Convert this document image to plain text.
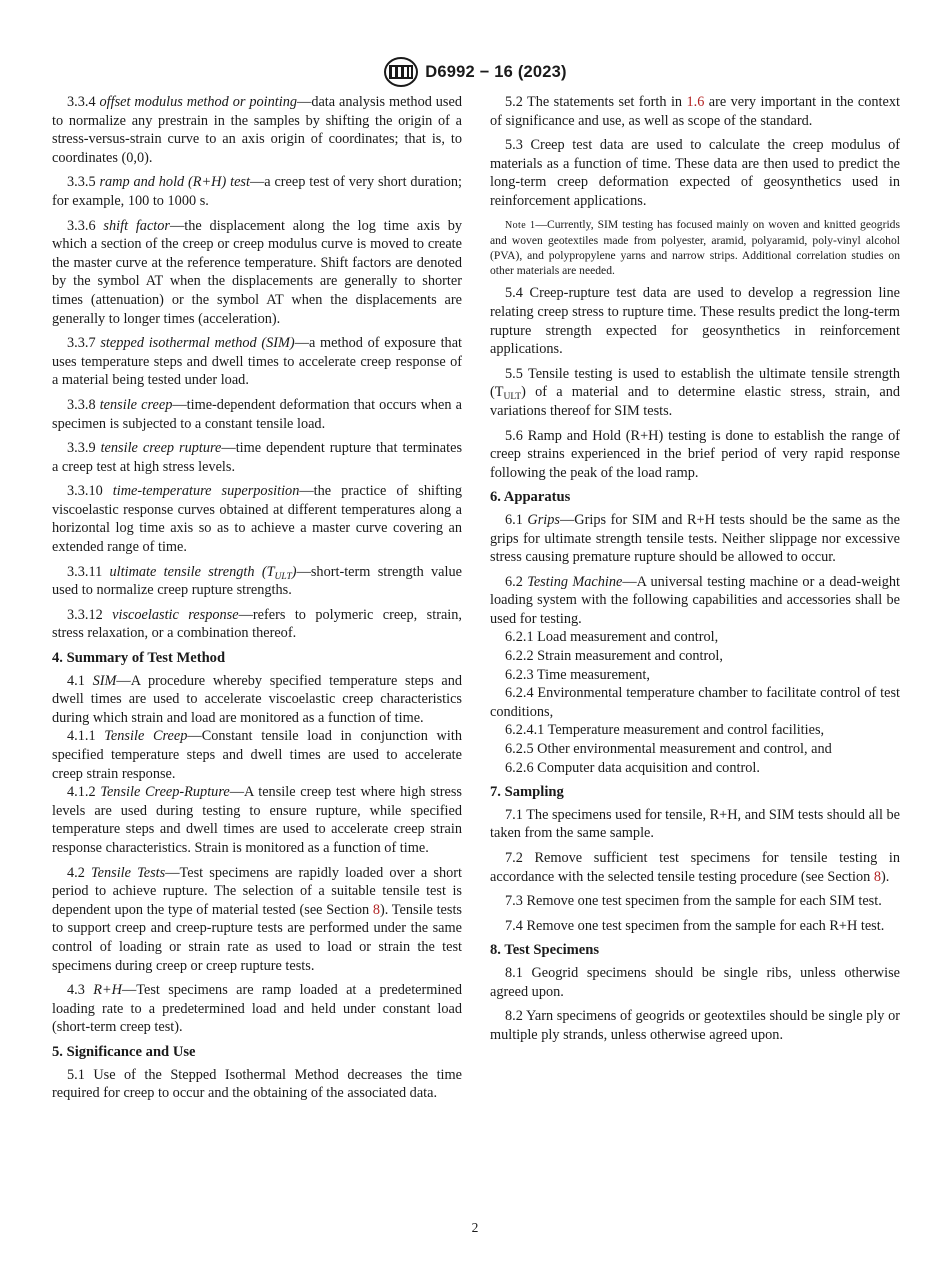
D6992 − 16 (2023)

3.3.4 offset modulus method or pointing—data analysis method used to normalize any prestrain in the samples by shifting the origin of a stress-versus-strain curve to an axis origin of coordinates; that is, to coordinates (0,0).

3.3.5 ramp and hold (R+H) test—a creep test of very short duration; for example, 100 to 1000 s.

3.3.6 shift factor—the displacement along the log time axis by which a section of the creep or creep modulus curve is moved to create the master curve at the reference temperature. Shift factors are denoted by the symbol AT when the displacements are generally to shorter times (attenuation) or the symbol AT when the displacements are generally to longer times (acceleration).

3.3.7 stepped isothermal method (SIM)—a method of exposure that uses temperature steps and dwell times to accelerate creep response of a material being tested under load.

3.3.8 tensile creep—time-dependent deformation that occurs when a specimen is subjected to a constant tensile load.

3.3.9 tensile creep rupture—time dependent rupture that terminates a creep test at high stress levels.

3.3.10 time-temperature superposition—the practice of shifting viscoelastic response curves obtained at different temperatures along a horizontal log time axis so as to achieve a master curve covering an extended range of time.

3.3.11 ultimate tensile strength $(T_{ULT})—short$-term strength value used to normalize creep rupture strengths.

3.3.12 viscoelastic response—refers to polymeric creep, strain, stress relaxation, or a combination thereof.

4. Summary of Test Method

4.1 SIM—A procedure whereby specified temperature steps and dwell times are used to accelerate viscoelastic creep characteristics during which strain and load are monitored as a function of time.

4.1.1 Tensile Creep—Constant tensile load in conjunction with specified temperature steps and dwell times are used to accelerate creep strain response.

4.1.2 Tensile Creep-Rupture—A tensile creep test where high stress levels are used during testing to ensure rupture, while specified temperature steps and dwell times are used to accelerate creep strain response characteristics. Strain is monitored as a function of time.

4.2 Tensile Tests—Test specimens are rapidly loaded over a short period to achieve rupture. The selection of a suitable tensile test is dependent upon the type of material tested (see Section 8). Tensile tests to support creep and creep-rupture tests are performed under the same control of loading or strain rate as used to load or strain the test specimens during creep or creep rupture tests.

4.3 R+H—Test specimens are ramp loaded at a predetermined loading rate to a predetermined load and held under constant load (short-term creep test).

5. Significance and Use

5.1 Use of the Stepped Isothermal Method decreases the time required for creep to occur and the obtaining of the associated data.

5.2 The statements set forth in 1.6 are very important in the context of significance and use, as well as scope of the standard.

5.3 Creep test data are used to calculate the creep modulus of materials as a function of time. These data are then used to predict the long-term creep deformation expected of geosynthetics used in reinforcement applications.

Note 1—Currently, SIM testing has focused mainly on woven and knitted geogrids and woven geotextiles made from polyester, aramid, polyaramid, poly-vinyl alcohol (PVA), and polypropylene yarns and narrow strips. Additional correlation studies on other materials are needed.

5.4 Creep-rupture test data are used to develop a regression line relating creep stress to rupture time. These results predict the long-term rupture strength expected for geosynthetics in reinforcement applications.

5.5 Tensile testing is used to establish the ultimate tensile strength $(T_{ULT})$ of a material and to determine elastic stress, strain, and variations thereof for SIM tests.

5.6 Ramp and Hold (R+H) testing is done to establish the range of creep strains experienced in the brief period of very rapid response following the peak of the load ramp.

6. Apparatus

6.1 Grips—Grips for SIM and R+H tests should be the same as the grips for ultimate strength tensile tests. Neither slippage nor excessive stress causing premature rupture should be allowed to occur.

6.2 Testing Machine—A universal testing machine or a dead-weight loading system with the following capabilities and accessories shall be used for testing.

6.2.1 Load measurement and control,

6.2.2 Strain measurement and control,

6.2.3 Time measurement,

6.2.4 Environmental temperature chamber to facilitate control of test conditions,

6.2.4.1 Temperature measurement and control facilities,

6.2.5 Other environmental measurement and control, and

6.2.6 Computer data acquisition and control.

7. Sampling

7.1 The specimens used for tensile, R+H, and SIM tests should all be taken from the same sample.

7.2 Remove sufficient test specimens for tensile testing in accordance with the selected tensile testing procedure (see Section 8).

7.3 Remove one test specimen from the sample for each SIM test.

7.4 Remove one test specimen from the sample for each R+H test.

8. Test Specimens

8.1 Geogrid specimens should be single ribs, unless otherwise agreed upon.

8.2 Yarn specimens of geogrids or geotextiles should be single ply or multiple ply strands, unless otherwise agreed upon.

2
